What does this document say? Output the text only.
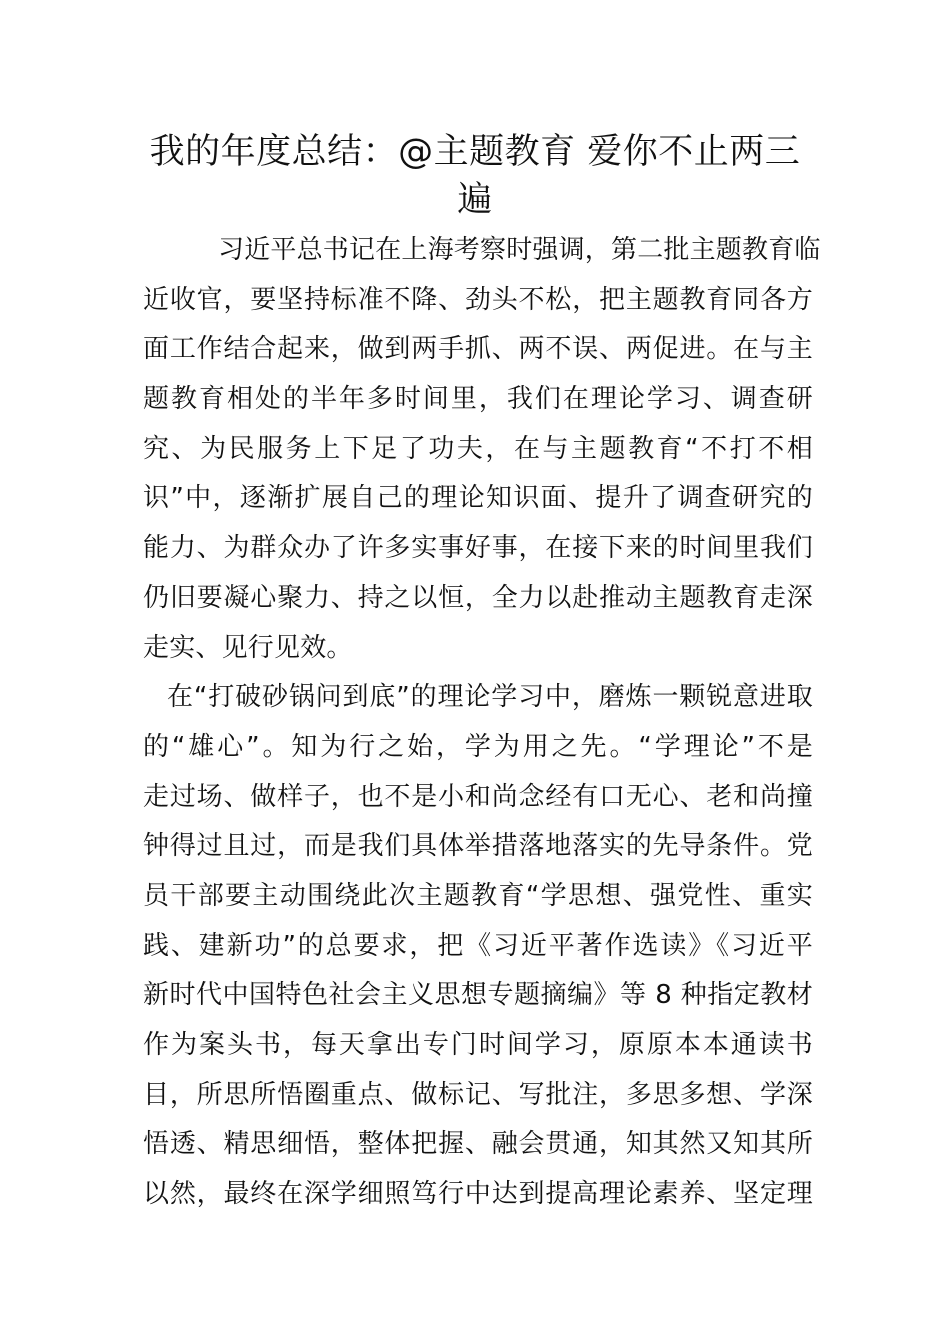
我的年度总结：@主题教育 爱你不止两三
遍
习近平总书记在上海考察时强调，第二批主题教育临
近收官，要坚持标准不降、劲头不松，把主题教育同各方
面工作结合起来，做到两手抓、两不误、两促进。在与主
题教育相处的半年多时间里，我们在理论学习、调查研
究、为民服务上下足了功夫，在与主题教育“不打不相
识”中，逐渐扩展自己的理论知识面、提升了调查研究的
能力、为群众办了许多实事好事，在接下来的时间里我们
仍旧要凝心聚力、持之以恒，全力以赴推动主题教育走深
走实、见行见效。
在“打破砂锅问到底”的理论学习中，磨炼一颗锐意进取
的“雄心”。知为行之始，学为用之先。“学理论”不是
走过场、做样子，也不是小和尚念经有口无心、老和尚撞
钟得过且过，而是我们具体举措落地落实的先导条件。党
员干部要主动围绕此次主题教育“学思想、强党性、重实
践、建新功”的总要求，把《习近平著作选读》《习近平
新时代中国特色社会主义思想专题摘编》等 8 种指定教材
作为案头书，每天拿出专门时间学习，原原本本通读书
目，所思所悟圈重点、做标记、写批注，多思多想、学深
悟透、精思细悟，整体把握、融会贯通，知其然又知其所
以然，最终在深学细照笃行中达到提高理论素养、坚定理
